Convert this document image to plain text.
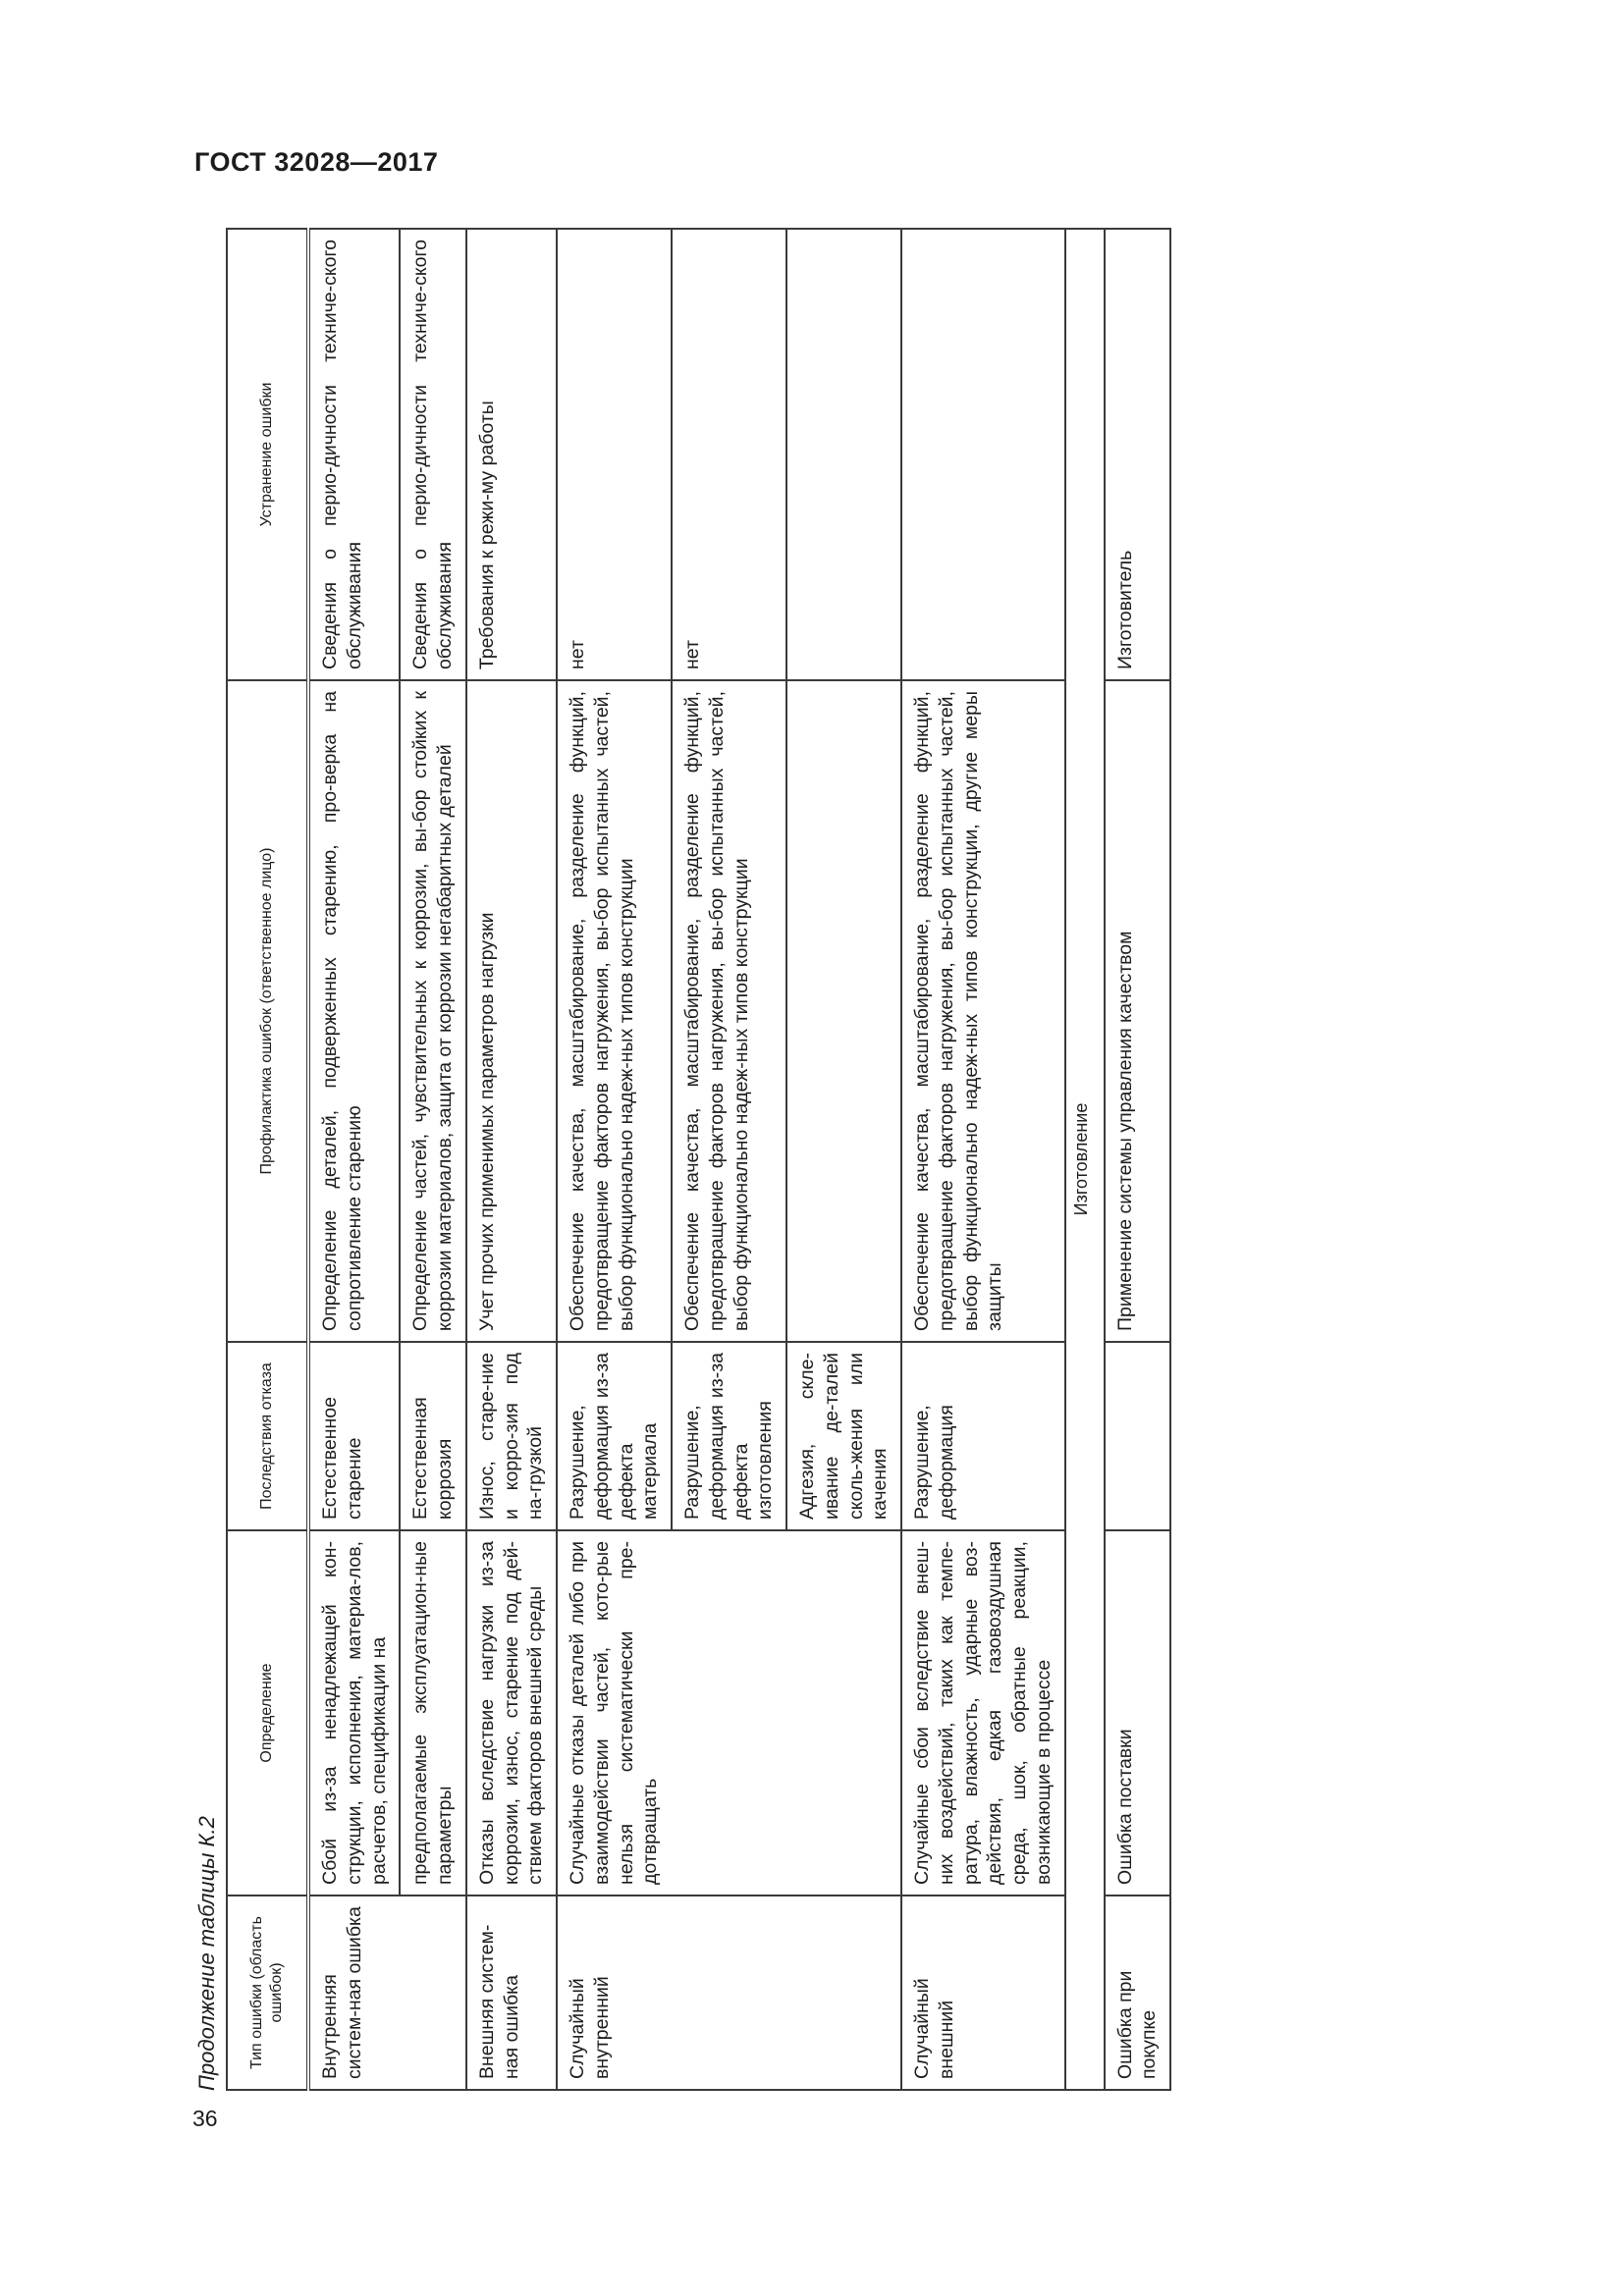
ГОСТ 32028—2017
Продолжение таблицы К.2 Тип ошибки (область ошибок)	Определение	Последствия отказа	Профилактика ошибок (ответственное лицо)	Устранение ошибки
Внутренняя систем-ная ошибка	Сбой из-за ненадлежащей кон-струкции, исполнения, материа-лов, расчетов, спецификации на	Естественное старение	Определение деталей, подверженных старению, про-верка на сопротивление старению	Сведения о перио-дичности техниче-ского обслуживания
	предполагаемые эксплуатацион-ные параметры	Естественная коррозия	Определение частей, чувствительных к коррозии, вы-бор стойких к коррозии материалов, защита от коррозии негабаритных деталей	Сведения о перио-дичности техниче-ского обслуживания
Внешняя систем-ная ошибка	Отказы вследствие нагрузки из-за коррозии, износ, старение под дей-ствием факторов внешней среды	Износ, старе-ние и корро-зия под на-грузкой	Учет прочих применимых параметров нагрузки	Требования к режи-му работы
Случайный внутренний	Случайные отказы деталей либо при взаимодействии частей, кото-рые нельзя систематически пре-дотвращать	Разрушение, деформация из-за дефекта материала	Обеспечение качества, масштабирование, разделение функций, предотвращение факторов нагружения, вы-бор испытанных частей, выбор функционально надеж-ных типов конструкции	нет
		Разрушение, деформация из-за дефекта изготовления	Обеспечение качества, масштабирование, разделение функций, предотвращение факторов нагружения, вы-бор испытанных частей, выбор функционально надеж-ных типов конструкции	нет
		Адгезия, скле-ивание де-талей сколь-жения или качения		
Случайный внешний	Случайные сбои вследствие внеш-них воздействий, таких как темпе-ратура, влажность, ударные воз-действия, едкая газовоздушная среда, шок, обратные реакции, возникающие в процессе	Разрушение, деформация	Обеспечение качества, масштабирование, разделение функций, предотвращение факторов нагружения, вы-бор испытанных частей, выбор функционально надеж-ных типов конструкции, другие меры защиты	
Изготовление				
Ошибка при покупке	Ошибка поставки		Применение системы управления качеством	Изготовитель
36
